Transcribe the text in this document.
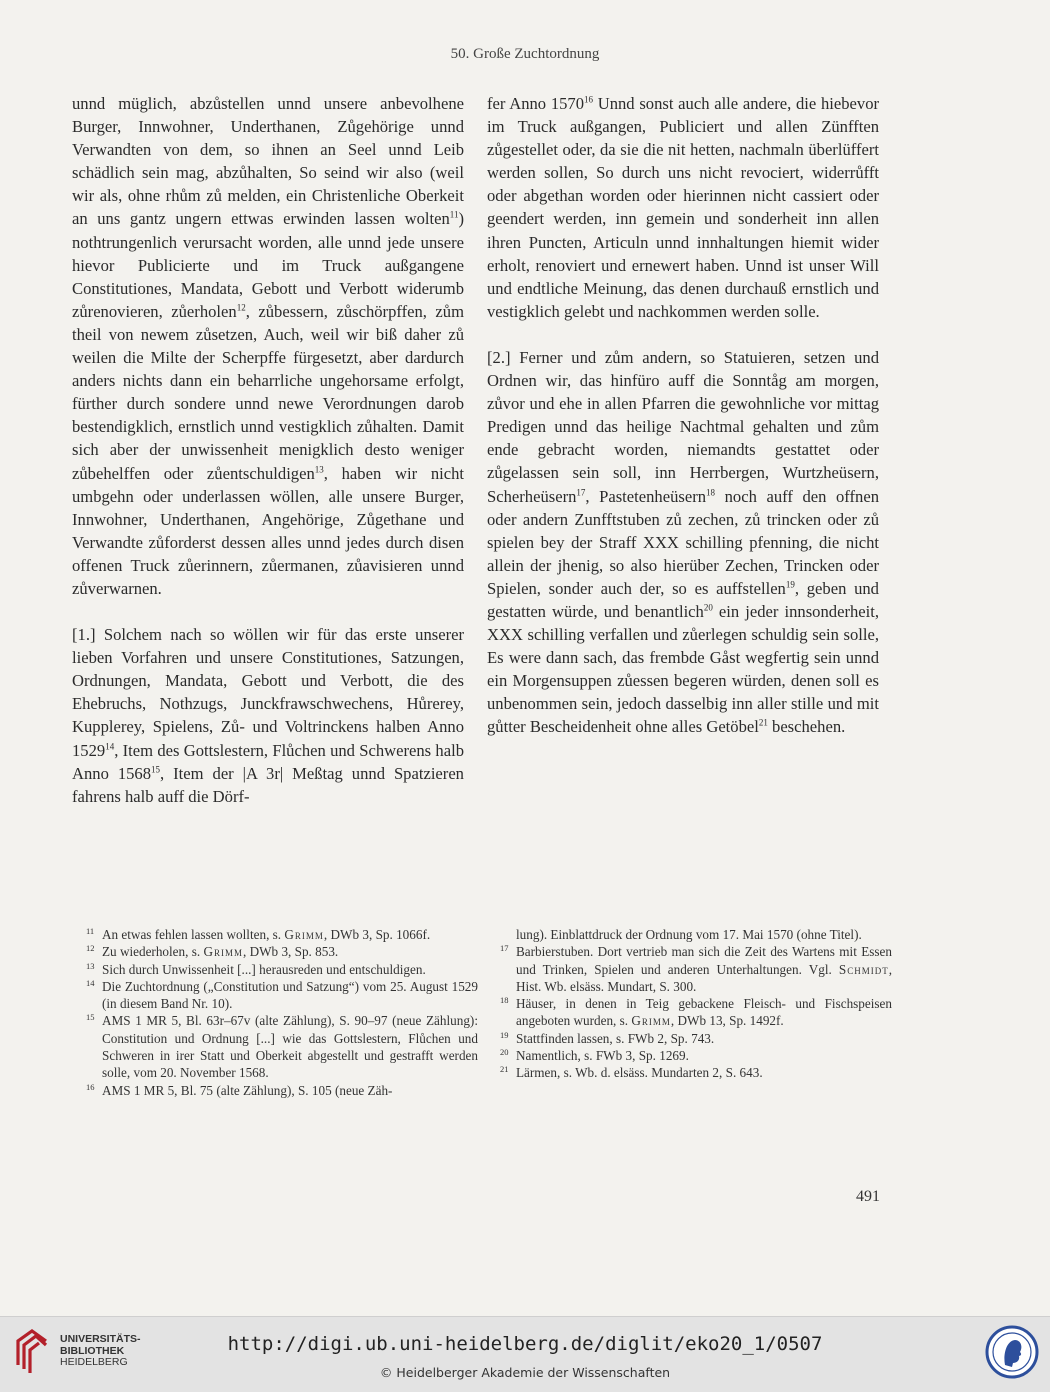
50. Große Zuchtordnung

unnd müglich, abzůstellen unnd unsere anbevolhene Burger, Innwohner, Underthanen, Zůgehörige unnd Verwandten von dem, so ihnen an Seel unnd Leib schädlich sein mag, abzůhalten, So seind wir also (weil wir als, ohne rhům zů melden, ein Christenliche Oberkeit an uns gantz ungern ettwas erwinden lassen wolten$^{11}$) nothtrungenlich verursacht worden, alle unnd jede unsere hievor Publicierte und im Truck außgangene Constitutiones, Mandata, Gebott und Verbott widerumb zůrenovieren, zůerholen$^{12}$, zůbessern, zůschörpffen, zům theil von newem zůsetzen, Auch, weil wir biß daher zů weilen die Milte der Scherpffe fürgesetzt, aber dardurch anders nichts dann ein beharrliche ungehorsame erfolgt, fürther durch sondere unnd newe Verordnungen darob bestendigklich, ernstlich unnd vestigklich zůhalten. Damit sich aber der unwissenheit menigklich desto weniger zůbehelffen oder zůentschuldigen$^{13}$, haben wir nicht umbgehn oder underlassen wöllen, alle unsere Burger, Innwohner, Underthanen, Angehörige, Zůgethane und Verwandte zůforderst dessen alles unnd jedes durch disen offenen Truck zůerinnern, zůermanen, zůavisieren unnd zůverwarnen.

[1.] Solchem nach so wöllen wir für das erste unserer lieben Vorfahren und unsere Constitutiones, Satzungen, Ordnungen, Mandata, Gebott und Verbott, die des Ehebruchs, Nothzugs, Junckfrawschwechens, Hůrerey, Kupplerey, Spielens, Zů- und Voltrinckens halben Anno 1529$^{14}$, Item des Gottslestern, Flůchen und Schwerens halb Anno 1568$^{15}$, Item der |A 3r| Meßtag unnd Spatzieren fahrens halb auff die Dörf-

fer Anno 1570$^{16}$ Unnd sonst auch alle andere, die hiebevor im Truck außgangen, Publiciert und allen Zünfften zůgestellet oder, da sie die nit hetten, nachmaln überlüffert werden sollen, So durch uns nicht revociert, widerrůfft oder abgethan worden oder hierinnen nicht cassiert oder geendert werden, inn gemein und sonderheit inn allen ihren Puncten, Articuln unnd innhaltungen hiemit wider erholt, renoviert und ernewert haben. Unnd ist unser Will und endtliche Meinung, das denen durchauß ernstlich und vestigklich gelebt und nachkommen werden solle.

[2.] Ferner und zům andern, so Statuieren, setzen und Ordnen wir, das hinfüro auff die Sonntåg am morgen, zůvor und ehe in allen Pfarren die gewohnliche vor mittag Predigen unnd das heilige Nachtmal gehalten und zům ende gebracht worden, niemandts gestattet oder zůgelassen sein soll, inn Herrbergen, Wurtzheüsern, Scherheüsern$^{17}$, Pastetenheüsern$^{18}$ noch auff den offnen oder andern Zunfftstuben zů zechen, zů trincken oder zů spielen bey der Straff XXX schilling pfenning, die nicht allein der jhenig, so also hierüber Zechen, Trincken oder Spielen, sonder auch der, so es auffstellen$^{19}$, geben und gestatten würde, und benantlich$^{20}$ ein jeder innsonderheit, XXX schilling verfallen und zůerlegen schuldig sein solle, Es were dann sach, das frembde Gåst wegfertig sein unnd ein Morgensuppen zůessen begeren würden, denen soll es unbenommen sein, jedoch dasselbig inn aller stille und mit gůtter Bescheidenheit ohne alles Getöbel$^{21}$ beschehen.

11 An etwas fehlen lassen wollten, s. Grimm, DWb 3, Sp. 1066f.
12 Zu wiederholen, s. Grimm, DWb 3, Sp. 853.
13 Sich durch Unwissenheit [...] herausreden und entschuldigen.
14 Die Zuchtordnung („Constitution und Satzung“) vom 25. August 1529 (in diesem Band Nr. 10).
15 AMS 1 MR 5, Bl. 63r–67v (alte Zählung), S. 90–97 (neue Zählung): Constitution und Ordnung [...] wie das Gottslestern, Flůchen und Schweren in irer Statt und Oberkeit abgestellt und gestrafft werden solle, vom 20. November 1568.
16 AMS 1 MR 5, Bl. 75 (alte Zählung), S. 105 (neue Zäh-
lung). Einblattdruck der Ordnung vom 17. Mai 1570 (ohne Titel).
17 Barbierstuben. Dort vertrieb man sich die Zeit des Wartens mit Essen und Trinken, Spielen und anderen Unterhaltungen. Vgl. Schmidt, Hist. Wb. elsäss. Mundart, S. 300.
18 Häuser, in denen in Teig gebackene Fleisch- und Fischspeisen angeboten wurden, s. Grimm, DWb 13, Sp. 1492f.
19 Stattfinden lassen, s. FWb 2, Sp. 743.
20 Namentlich, s. FWb 3, Sp. 1269.
21 Lärmen, s. Wb. d. elsäss. Mundarten 2, S. 643.
491
UNIVERSITÄTS-
BIBLIOTHEK
HEIDELBERG
http://digi.ub.uni-heidelberg.de/diglit/eko20_1/0507
© Heidelberger Akademie der Wissenschaften
